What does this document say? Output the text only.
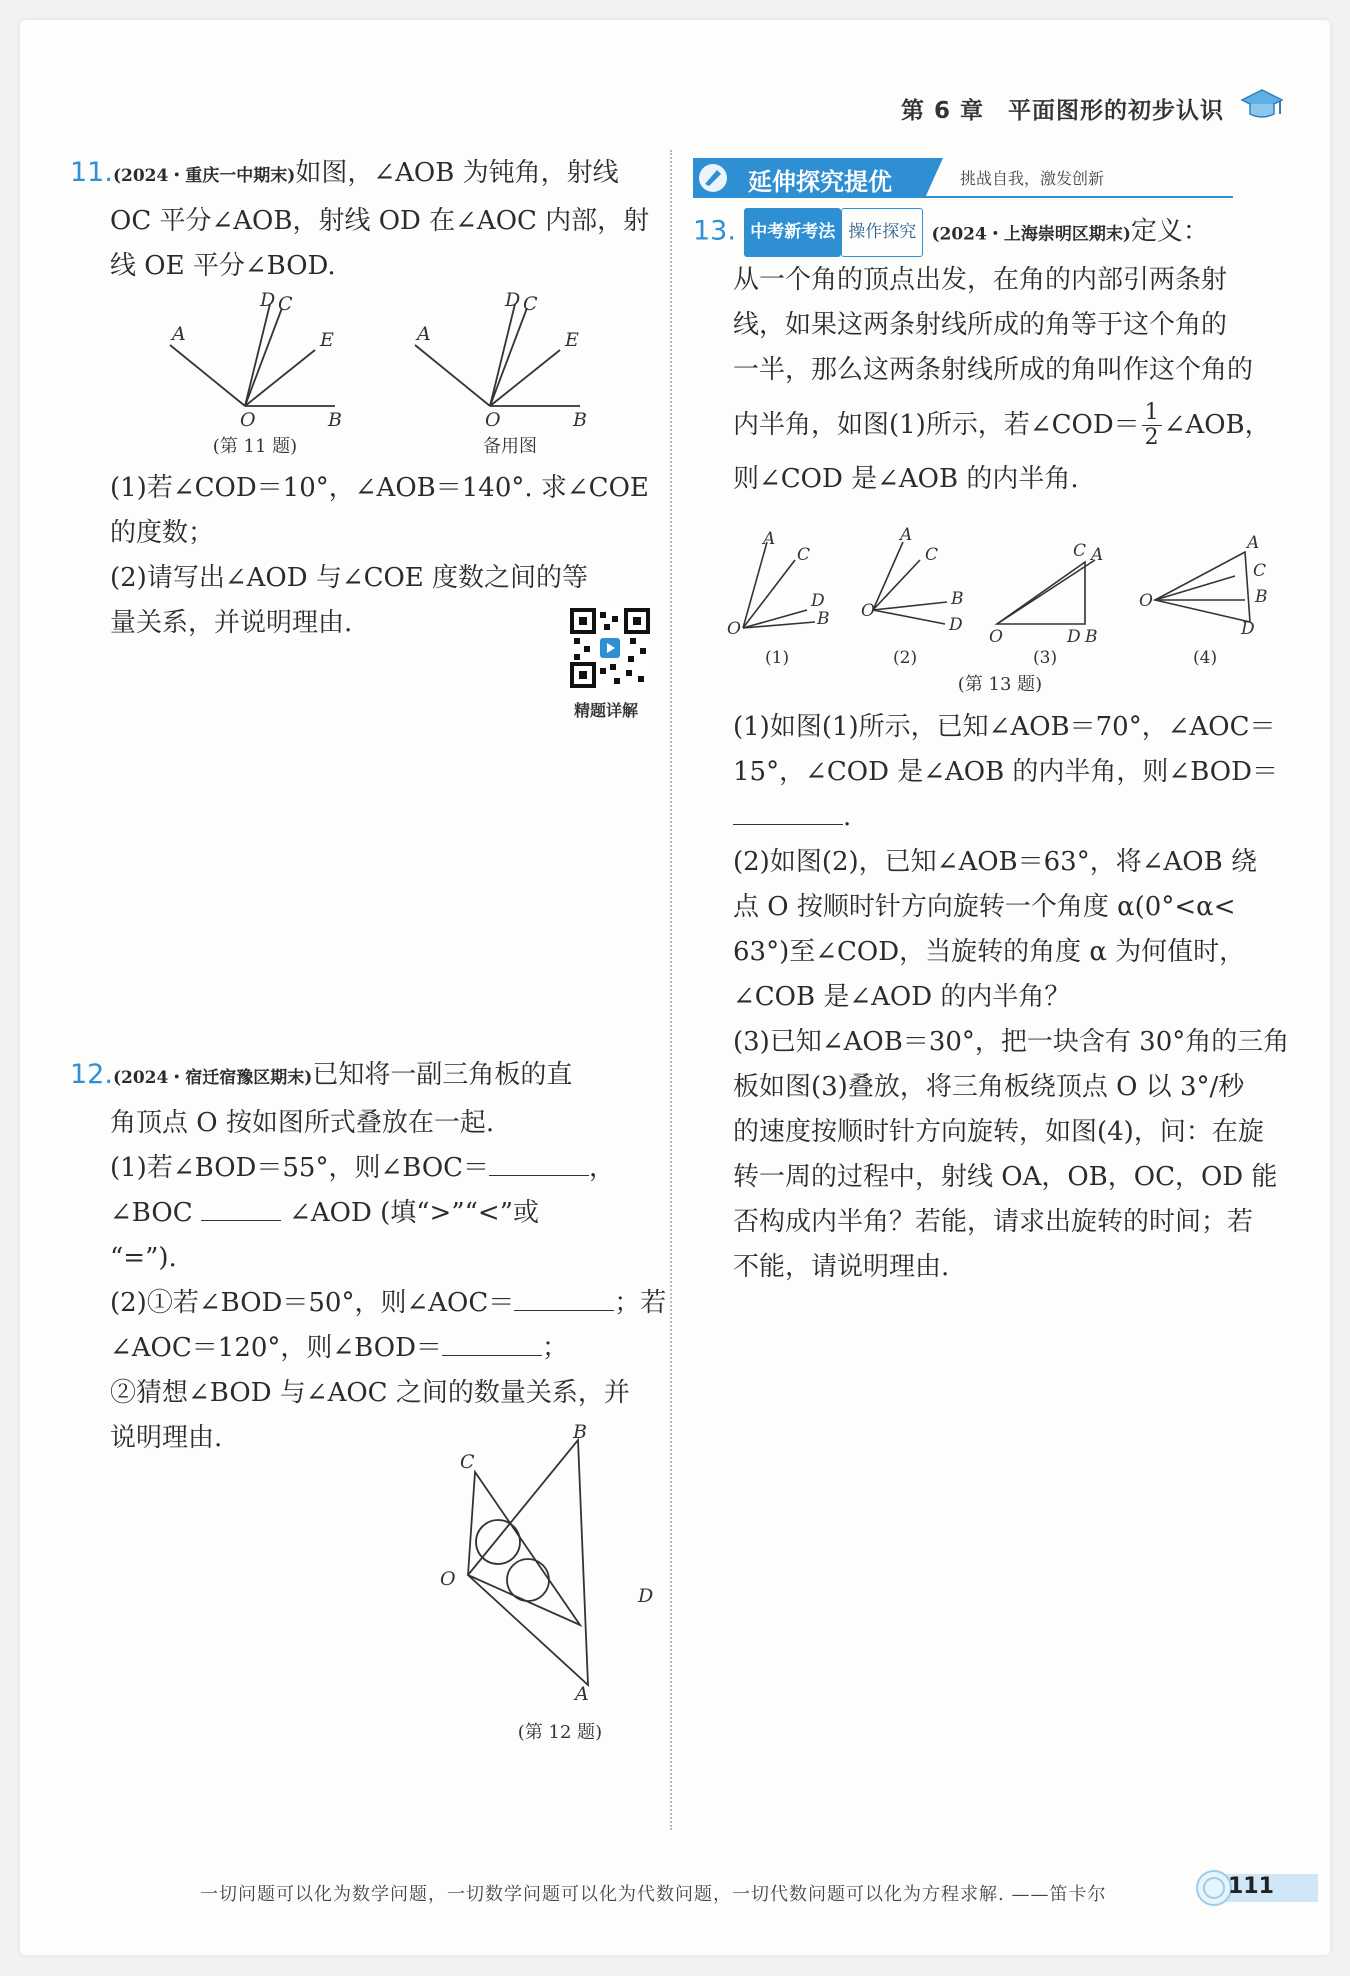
第 6 章　平面图形的初步认识
11.(2024・重庆一中期末)如图，∠AOB 为钝角，射线
OC 平分∠AOB，射线 OD 在∠AOC 内部，射
线 OE 平分∠BOD.
A
D C
E
O	B
A
D C
E
O	B
(第 11 题)	备用图
(1)若∠COD＝10°，∠AOB＝140°. 求∠COE
的度数；
(2)请写出∠AOD 与∠COE 度数之间的等
量关系，并说明理由.
精题详解
12.(2024・宿迁宿豫区期末)已知将一副三角板的直
角顶点 O 按如图所式叠放在一起.
(1)若∠BOD＝55°，则∠BOC＝	，
∠BOC	∠AOD (填“>”“<”或
“=”).
(2)①若∠BOD＝50°，则∠AOC＝	；若
∠AOC＝120°，则∠BOD＝	；
②猜想∠BOD 与∠AOC 之间的数量关系，并
说明理由.
C
B
O
D
A
(第 12 题)
延伸探究提优	挑战自我，激发创新
13. 中考新考法 操作探究 (2024・上海崇明区期末)定义：
从一个角的顶点出发，在角的内部引两条射
线，如果这两条射线所成的角等于这个角的
一半，那么这两条射线所成的角叫作这个角的
内半角，如图(1)所示，若∠COD＝ $\frac{1}{2}$ ∠AOB，
则∠COD 是∠AOB 的内半角.
A
C
D
B
O
A
C
B
D
O
C A
D B
O
A
C
B
D
O
(1)	(2)	(3)	(4)
(第 13 题)
(1)如图(1)所示，已知∠AOB＝70°，∠AOC＝
15°，∠COD 是∠AOB 的内半角，则∠BOD＝
.
(2)如图(2)，已知∠AOB＝63°，将∠AOB 绕
点 O 按顺时针方向旋转一个角度 α(0°<α<
63°)至∠COD，当旋转的角度 α 为何值时，
∠COB 是∠AOD 的内半角？
(3)已知∠AOB＝30°，把一块含有 30°角的三角
板如图(3)叠放，将三角板绕顶点 O 以 3°/秒
的速度按顺时针方向旋转，如图(4)，问：在旋
转一周的过程中，射线 OA，OB，OC，OD 能
否构成内半角？若能，请求出旋转的时间；若
不能，请说明理由.
一切问题可以化为数学问题，一切数学问题可以化为代数问题，一切代数问题可以化为方程求解. ——笛卡尔	111
